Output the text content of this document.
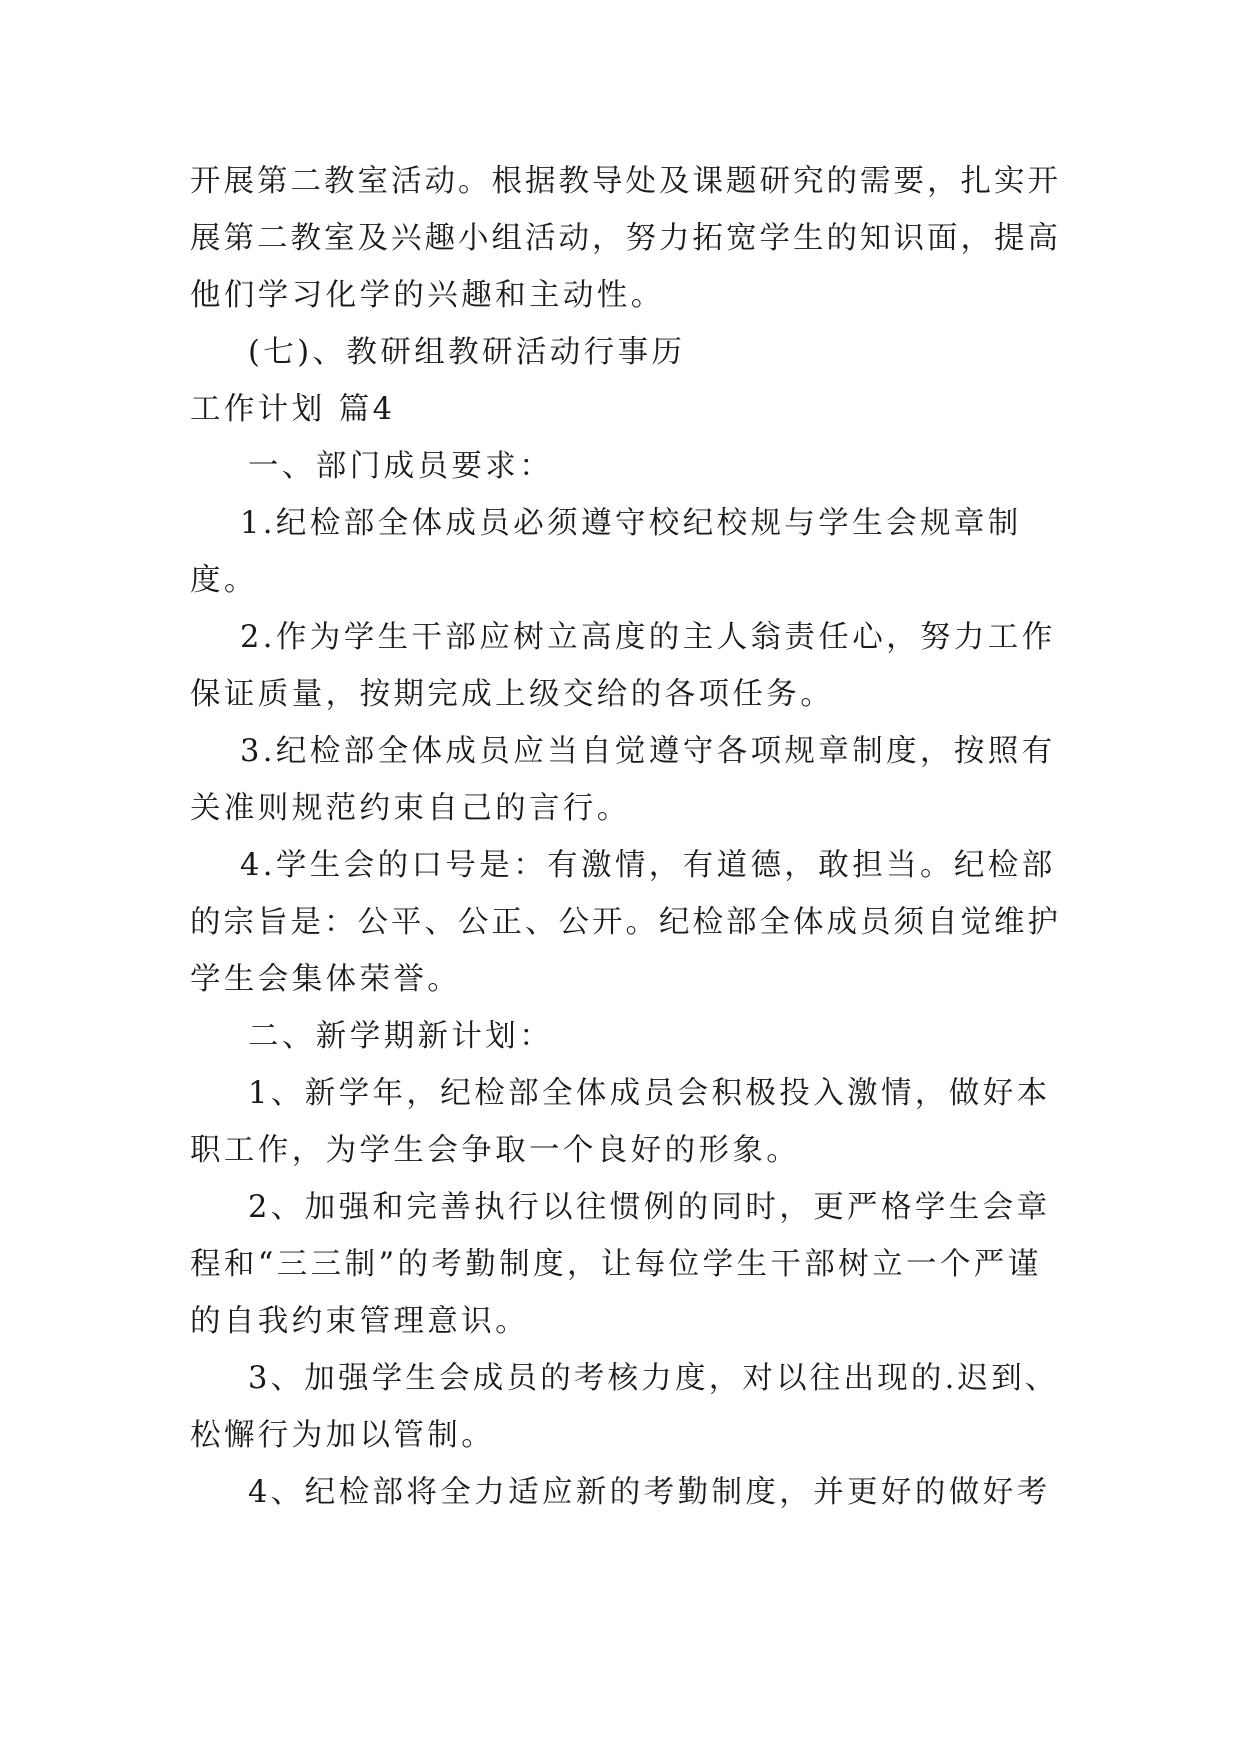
开展第二教室活动。根据教导处及课题研究的需要，扎实开
展第二教室及兴趣小组活动，努力拓宽学生的知识面，提高
他们学习化学的兴趣和主动性。
(七)、教研组教研活动行事历
工作计划 篇4
一、部门成员要求：
1.纪检部全体成员必须遵守校纪校规与学生会规章制
度。
2.作为学生干部应树立高度的主人翁责任心，努力工作
保证质量，按期完成上级交给的各项任务。
3.纪检部全体成员应当自觉遵守各项规章制度，按照有
关准则规范约束自己的言行。
4.学生会的口号是：有激情，有道德，敢担当。纪检部
的宗旨是：公平、公正、公开。纪检部全体成员须自觉维护
学生会集体荣誉。
二、新学期新计划：
1、新学年，纪检部全体成员会积极投入激情，做好本
职工作，为学生会争取一个良好的形象。
2、加强和完善执行以往惯例的同时，更严格学生会章
程和“三三制”的考勤制度，让每位学生干部树立一个严谨
的自我约束管理意识。
3、加强学生会成员的考核力度，对以往出现的.迟到、
松懈行为加以管制。
4、纪检部将全力适应新的考勤制度，并更好的做好考
